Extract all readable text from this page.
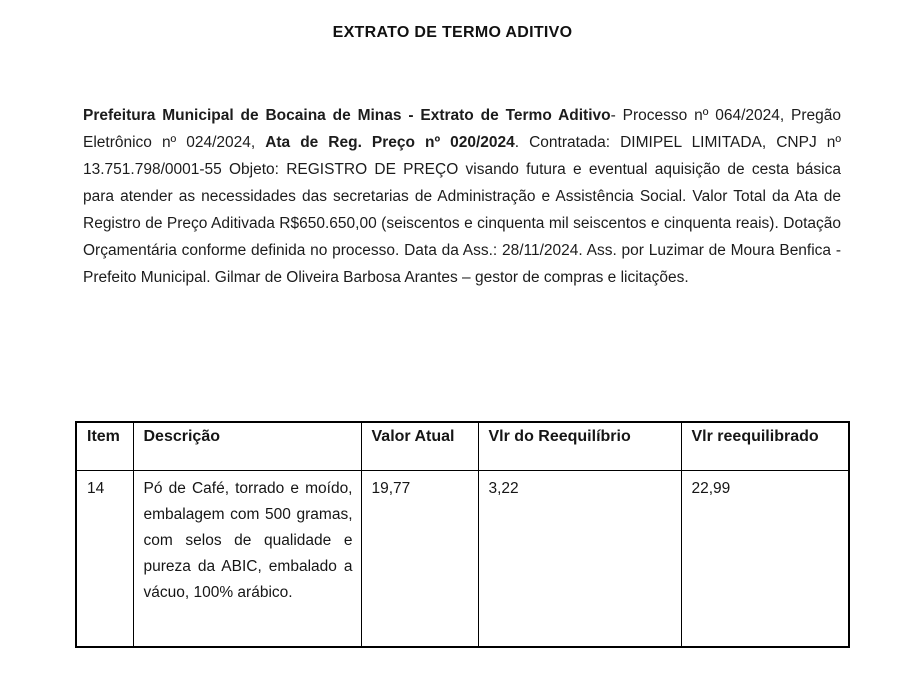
EXTRATO DE TERMO ADITIVO

Prefeitura Municipal de Bocaina de Minas - Extrato de Termo Aditivo- Processo nº 064/2024, Pregão Eletrônico nº 024/2024, Ata de Reg. Preço nº 020/2024. Contratada: DIMIPEL LIMITADA, CNPJ nº 13.751.798/0001-55 Objeto: REGISTRO DE PREÇO visando futura e eventual aquisição de cesta básica para atender as necessidades das secretarias de Administração e Assistência Social. Valor Total da Ata de Registro de Preço Aditivada R$650.650,00 (seiscentos e cinquenta mil seiscentos e cinquenta reais). Dotação Orçamentária conforme definida no processo. Data da Ass.: 28/11/2024. Ass. por Luzimar de Moura Benfica - Prefeito Municipal. Gilmar de Oliveira Barbosa Arantes – gestor de compras e licitações.

Item	Descrição	Valor Atual	Vlr do Reequilíbrio	Vlr reequilibrado
14	Pó de Café, torrado e moído, embalagem com 500 gramas, com selos de qualidade e pureza da ABIC, embalado a vácuo, 100% arábico.	19,77	3,22	22,99
